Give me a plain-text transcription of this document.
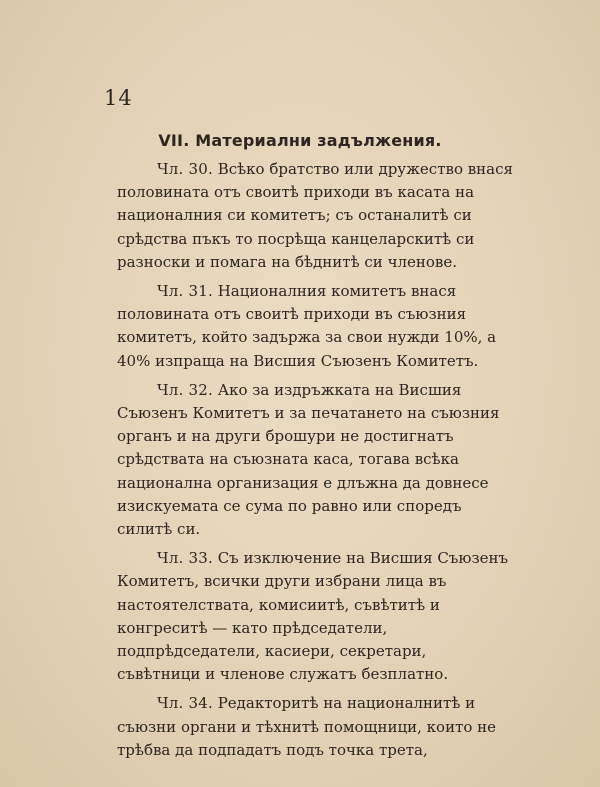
14
VII. Материални задължения.

Чл. 30. Всѣко братство или дружество внася половината отъ своитѣ приходи въ касата на националния си комитетъ; съ останалитѣ си срѣдства пъкъ то посрѣща канцеларскитѣ си разноски и помага на бѣднитѣ си членове.

Чл. 31. Националния комитетъ внася половината отъ своитѣ приходи въ съюзния комитетъ, който задържа за свои нужди 10%, а 40% изпраща на Висшия Съюзенъ Комитетъ.

Чл. 32. Ако за издръжката на Висшия Съюзенъ Комитетъ и за печатането на съюзния органъ и на други брошури не достигнатъ срѣдствата на съюзната каса, тогава всѣка национална организация е длъжна да довнесе изискуемата се сума по равно или споредъ силитѣ си.

Чл. 33. Съ изключение на Висшия Съюзенъ Комитетъ, всички други избрани лица въ настоятелствата, комисиитѣ, съвѣтитѣ и конгреситѣ — като прѣдседатели, подпрѣдседатели, касиери, секретари, съвѣтници и членове служатъ безплатно.

Чл. 34. Редакторитѣ на националнитѣ и съюзни органи и тѣхнитѣ помощници, които не трѣбва да подпадатъ подъ точка трета,
